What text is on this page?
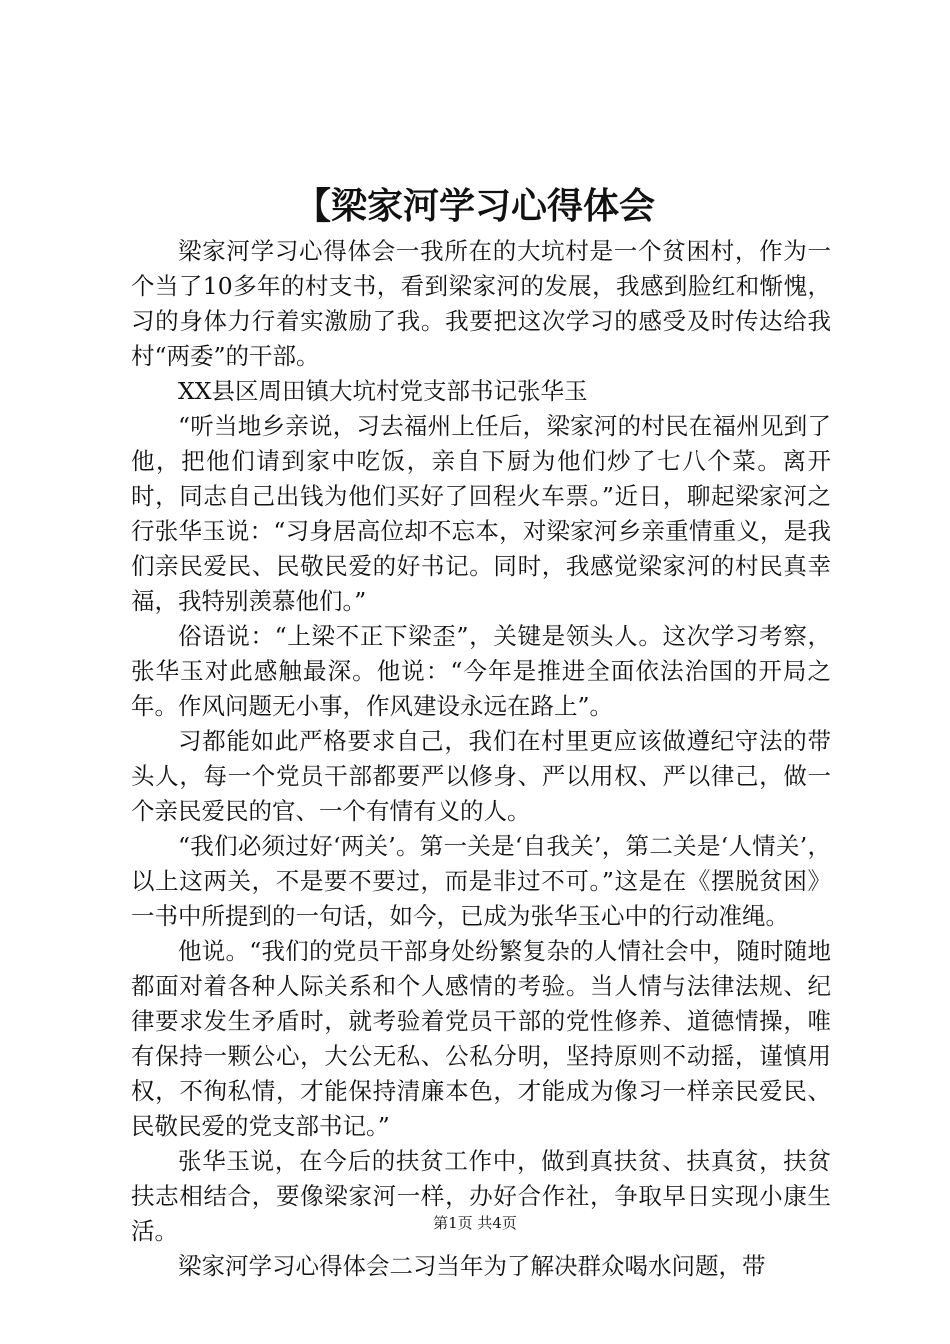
【梁家河学习心得体会

梁家河学习心得体会一我所在的大坑村是一个贫困村，作为一个当了10多年的村支书，看到梁家河的发展，我感到脸红和惭愧，习的身体力行着实激励了我。我要把这次学习的感受及时传达给我村“两委”的干部。

XX县区周田镇大坑村党支部书记张华玉

“听当地乡亲说，习去福州上任后，梁家河的村民在福州见到了他，把他们请到家中吃饭，亲自下厨为他们炒了七八个菜。离开时，同志自己出钱为他们买好了回程火车票。”近日，聊起梁家河之行张华玉说：“习身居高位却不忘本，对梁家河乡亲重情重义，是我们亲民爱民、民敬民爱的好书记。同时，我感觉梁家河的村民真幸福，我特别羡慕他们。”

俗语说：“上梁不正下梁歪”，关键是领头人。这次学习考察，张华玉对此感触最深。他说：“今年是推进全面依法治国的开局之年。作风问题无小事，作风建设永远在路上”。

习都能如此严格要求自己，我们在村里更应该做遵纪守法的带头人，每一个党员干部都要严以修身、严以用权、严以律己，做一个亲民爱民的官、一个有情有义的人。

“我们必须过好‘两关’。第一关是‘自我关’，第二关是‘人情关’，以上这两关，不是要不要过，而是非过不可。”这是在《摆脱贫困》一书中所提到的一句话，如今，已成为张华玉心中的行动准绳。

他说。“我们的党员干部身处纷繁复杂的人情社会中，随时随地都面对着各种人际关系和个人感情的考验。当人情与法律法规、纪律要求发生矛盾时，就考验着党员干部的党性修养、道德情操，唯有保持一颗公心，大公无私、公私分明，坚持原则不动摇，谨慎用权，不徇私情，才能保持清廉本色，才能成为像习一样亲民爱民、民敬民爱的党支部书记。”

张华玉说，在今后的扶贫工作中，做到真扶贫、扶真贫，扶贫扶志相结合，要像梁家河一样，办好合作社，争取早日实现小康生活。

梁家河学习心得体会二习当年为了解决群众喝水问题，带

第1页 共4页
